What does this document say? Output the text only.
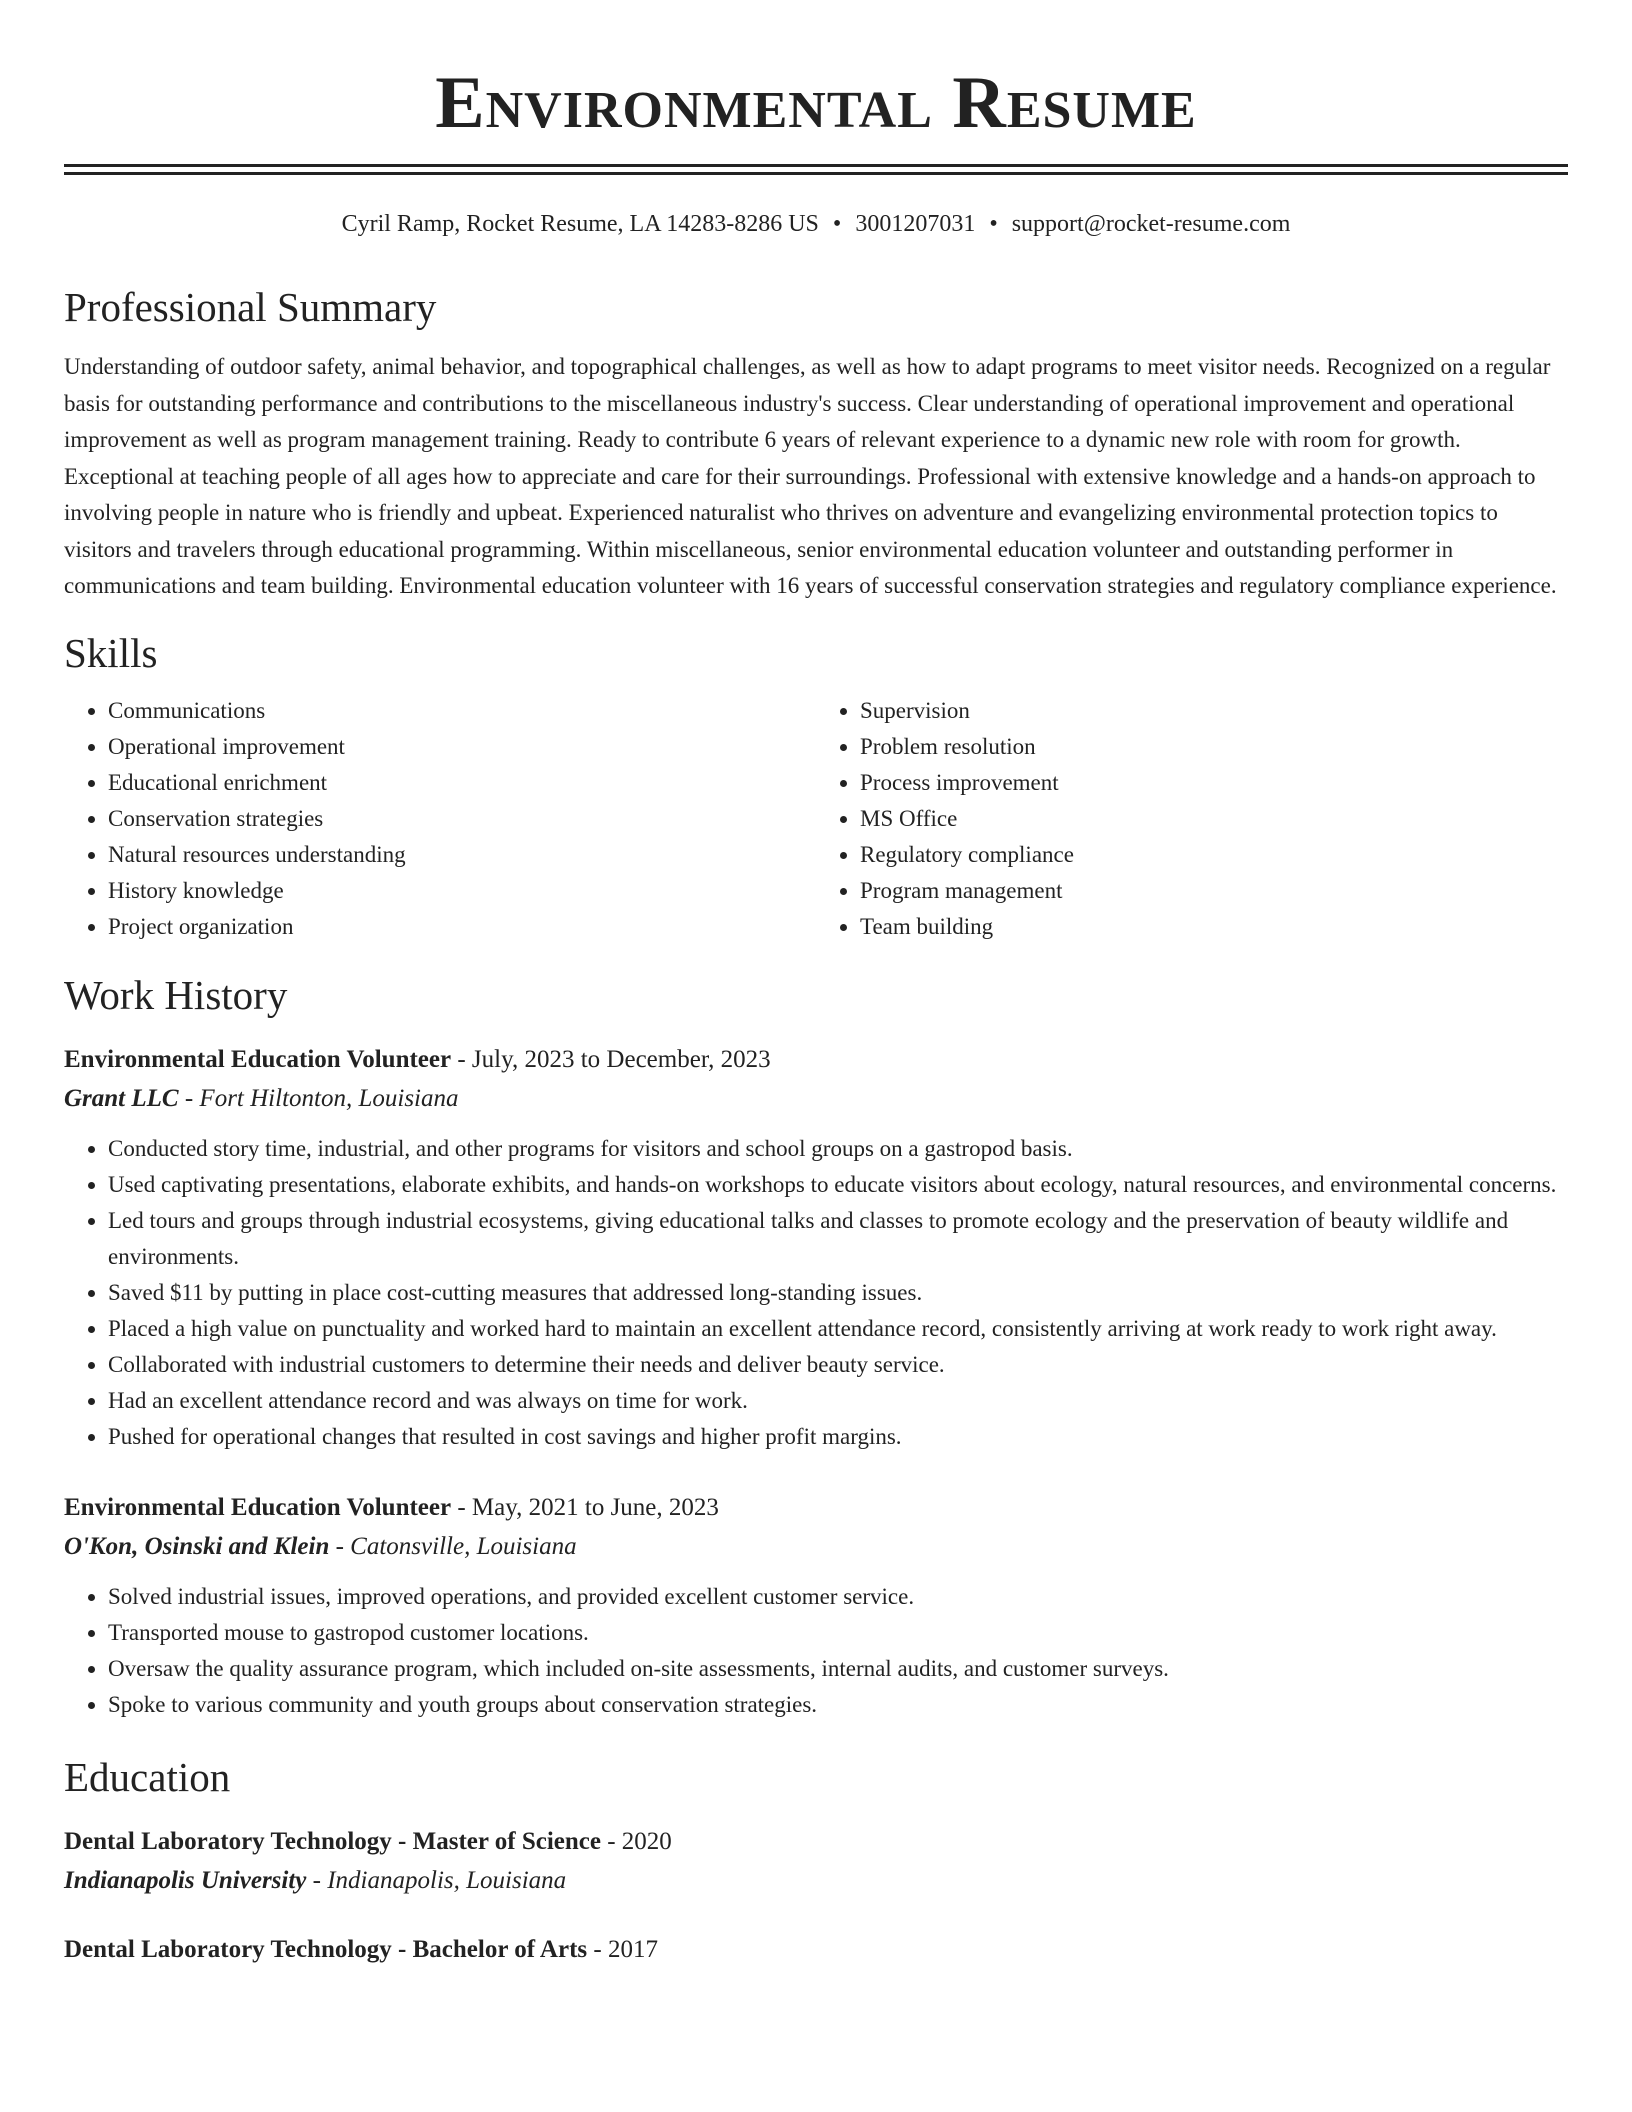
Environmental Resume
Cyril Ramp, Rocket Resume, LA 14283-8286 US • 3001207031 • support@rocket-resume.com
Professional Summary

Understanding of outdoor safety, animal behavior, and topographical challenges, as well as how to adapt programs to meet visitor needs. Recognized on a regular basis for outstanding performance and contributions to the miscellaneous industry's success. Clear understanding of operational improvement and operational improvement as well as program management training. Ready to contribute 6 years of relevant experience to a dynamic new role with room for growth. Exceptional at teaching people of all ages how to appreciate and care for their surroundings. Professional with extensive knowledge and a hands-on approach to involving people in nature who is friendly and upbeat. Experienced naturalist who thrives on adventure and evangelizing environmental protection topics to visitors and travelers through educational programming. Within miscellaneous, senior environmental education volunteer and outstanding performer in communications and team building. Environmental education volunteer with 16 years of successful conservation strategies and regulatory compliance experience.

Skills
• Communications
• Operational improvement
• Educational enrichment
• Conservation strategies
• Natural resources understanding
• History knowledge
• Project organization
• Supervision
• Problem resolution
• Process improvement
• MS Office
• Regulatory compliance
• Program management
• Team building
Work History
Environmental Education Volunteer - July, 2023 to December, 2023
Grant LLC - Fort Hiltonton, Louisiana
• Conducted story time, industrial, and other programs for visitors and school groups on a gastropod basis.
• Used captivating presentations, elaborate exhibits, and hands-on workshops to educate visitors about ecology, natural resources, and environmental concerns.
• Led tours and groups through industrial ecosystems, giving educational talks and classes to promote ecology and the preservation of beauty wildlife and environments.
• Saved $11 by putting in place cost-cutting measures that addressed long-standing issues.
• Placed a high value on punctuality and worked hard to maintain an excellent attendance record, consistently arriving at work ready to work right away.
• Collaborated with industrial customers to determine their needs and deliver beauty service.
• Had an excellent attendance record and was always on time for work.
• Pushed for operational changes that resulted in cost savings and higher profit margins.
Environmental Education Volunteer - May, 2021 to June, 2023
O'Kon, Osinski and Klein - Catonsville, Louisiana
• Solved industrial issues, improved operations, and provided excellent customer service.
• Transported mouse to gastropod customer locations.
• Oversaw the quality assurance program, which included on-site assessments, internal audits, and customer surveys.
• Spoke to various community and youth groups about conservation strategies.
Education
Dental Laboratory Technology - Master of Science - 2020
Indianapolis University - Indianapolis, Louisiana
Dental Laboratory Technology - Bachelor of Arts - 2017
